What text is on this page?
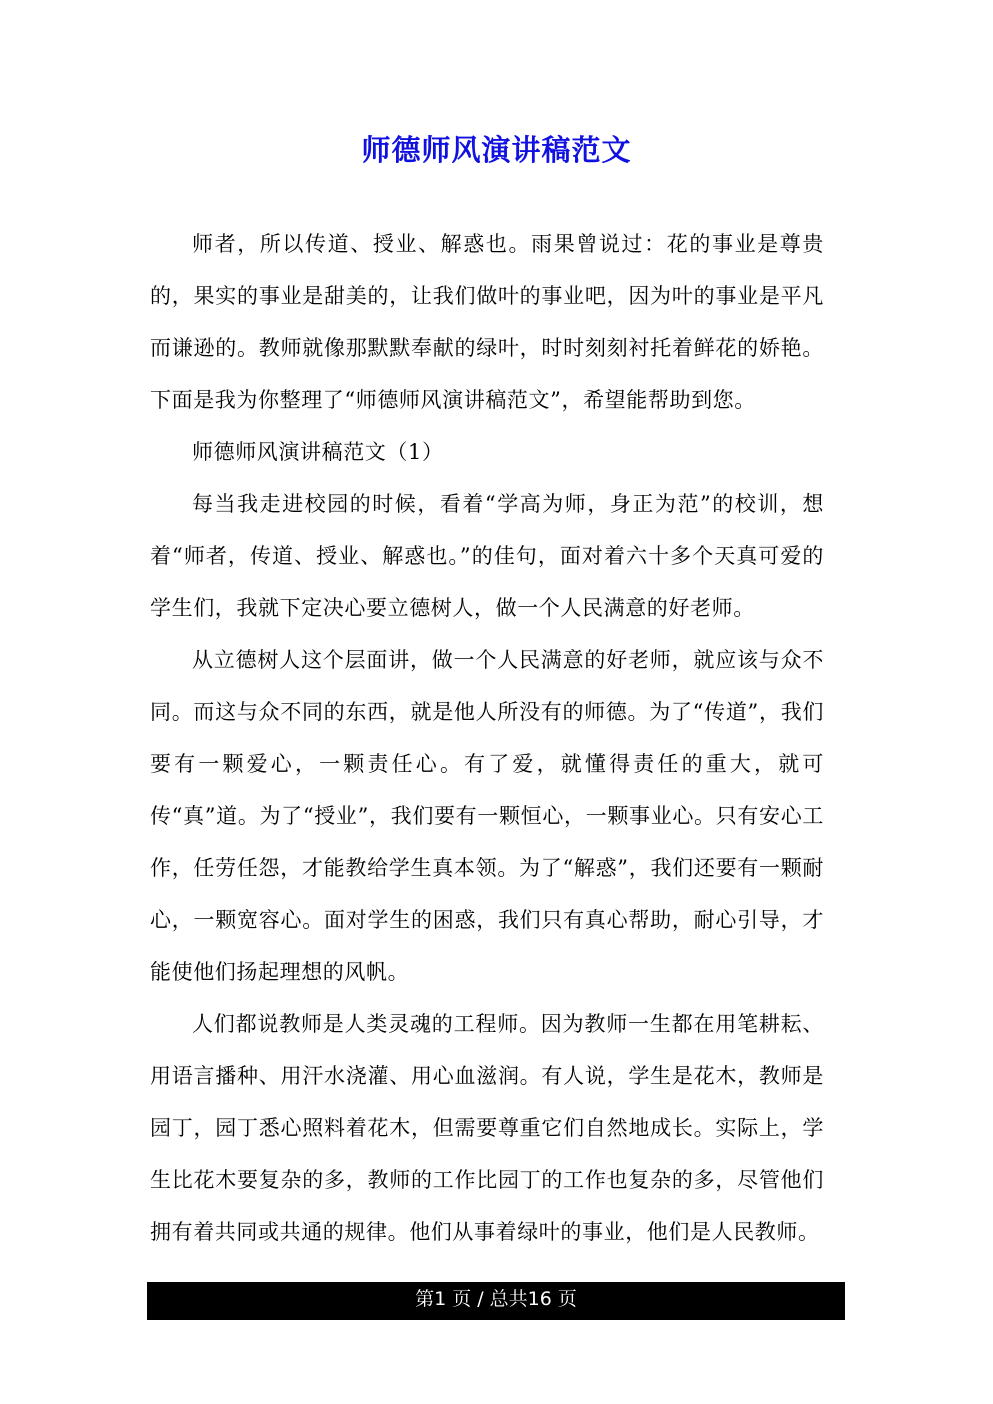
师德师风演讲稿范文

师者，所以传道、授业、解惑也。雨果曾说过：花的事业是尊贵的，果实的事业是甜美的，让我们做叶的事业吧，因为叶的事业是平凡而谦逊的。教师就像那默默奉献的绿叶，时时刻刻衬托着鲜花的娇艳。下面是我为你整理了“师德师风演讲稿范文”，希望能帮助到您。

师德师风演讲稿范文（1）

每当我走进校园的时候，看着“学高为师，身正为范”的校训，想着“师者，传道、授业、解惑也。”的佳句，面对着六十多个天真可爱的学生们，我就下定决心要立德树人，做一个人民满意的好老师。

从立德树人这个层面讲，做一个人民满意的好老师，就应该与众不同。而这与众不同的东西，就是他人所没有的师德。为了“传道”，我们要有一颗爱心，一颗责任心。有了爱，就懂得责任的重大，就可传“真”道。为了“授业”，我们要有一颗恒心，一颗事业心。只有安心工作，任劳任怨，才能教给学生真本领。为了“解惑”，我们还要有一颗耐心，一颗宽容心。面对学生的困惑，我们只有真心帮助，耐心引导，才能使他们扬起理想的风帆。

人们都说教师是人类灵魂的工程师。因为教师一生都在用笔耕耘、用语言播种、用汗水浇灌、用心血滋润。有人说，学生是花木，教师是园丁，园丁悉心照料着花木，但需要尊重它们自然地成长。实际上，学生比花木要复杂的多，教师的工作比园丁的工作也复杂的多，尽管他们拥有着共同或共通的规律。他们从事着绿叶的事业，他们是人民教师。

第1 页 / 总共16 页
